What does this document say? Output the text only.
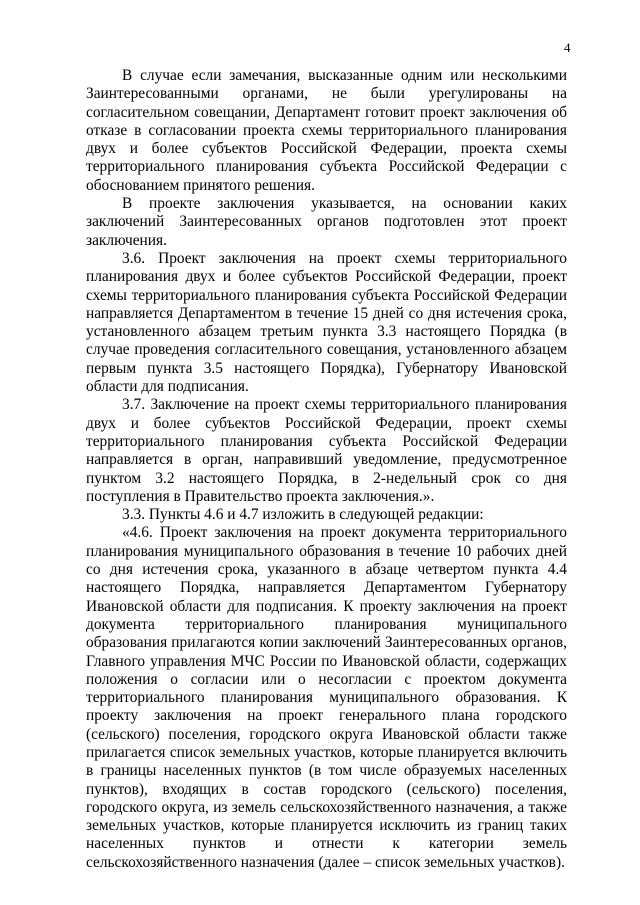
4

В случае если замечания, высказанные одним или несколькими Заинтересованными органами, не были урегулированы на согласительном совещании, Департамент готовит проект заключения об отказе в согласовании проекта схемы территориального планирования двух и более субъектов Российской Федерации, проекта схемы территориального планирования субъекта Российской Федерации с обоснованием принятого решения.

В проекте заключения указывается, на основании каких заключений Заинтересованных органов подготовлен этот проект заключения.

3.6. Проект заключения на проект схемы территориального планирования двух и более субъектов Российской Федерации, проект схемы территориального планирования субъекта Российской Федерации направляется Департаментом в течение 15 дней со дня истечения срока, установленного абзацем третьим пункта 3.3 настоящего Порядка (в случае проведения согласительного совещания, установленного абзацем первым пункта 3.5 настоящего Порядка), Губернатору Ивановской области для подписания.

3.7. Заключение на проект схемы территориального планирования двух и более субъектов Российской Федерации, проект схемы территориального планирования субъекта Российской Федерации направляется в орган, направивший уведомление, предусмотренное пунктом 3.2 настоящего Порядка, в 2-недельный срок со дня поступления в Правительство проекта заключения.».

3.3. Пункты 4.6 и 4.7 изложить в следующей редакции:

«4.6. Проект заключения на проект документа территориального планирования муниципального образования в течение 10 рабочих дней со дня истечения срока, указанного в абзаце четвертом пункта 4.4 настоящего Порядка, направляется Департаментом Губернатору Ивановской области для подписания. К проекту заключения на проект документа территориального планирования муниципального образования прилагаются копии заключений Заинтересованных органов, Главного управления МЧС России по Ивановской области, содержащих положения о согласии или о несогласии с проектом документа территориального планирования муниципального образования. К проекту заключения на проект генерального плана городского (сельского) поселения, городского округа Ивановской области также прилагается список земельных участков, которые планируется включить в границы населенных пунктов (в том числе образуемых населенных пунктов), входящих в состав городского (сельского) поселения, городского округа, из земель сельскохозяйственного назначения, а также земельных участков, которые планируется исключить из границ таких населенных пунктов и отнести к категории земель сельскохозяйственного назначения (далее – список земельных участков).
